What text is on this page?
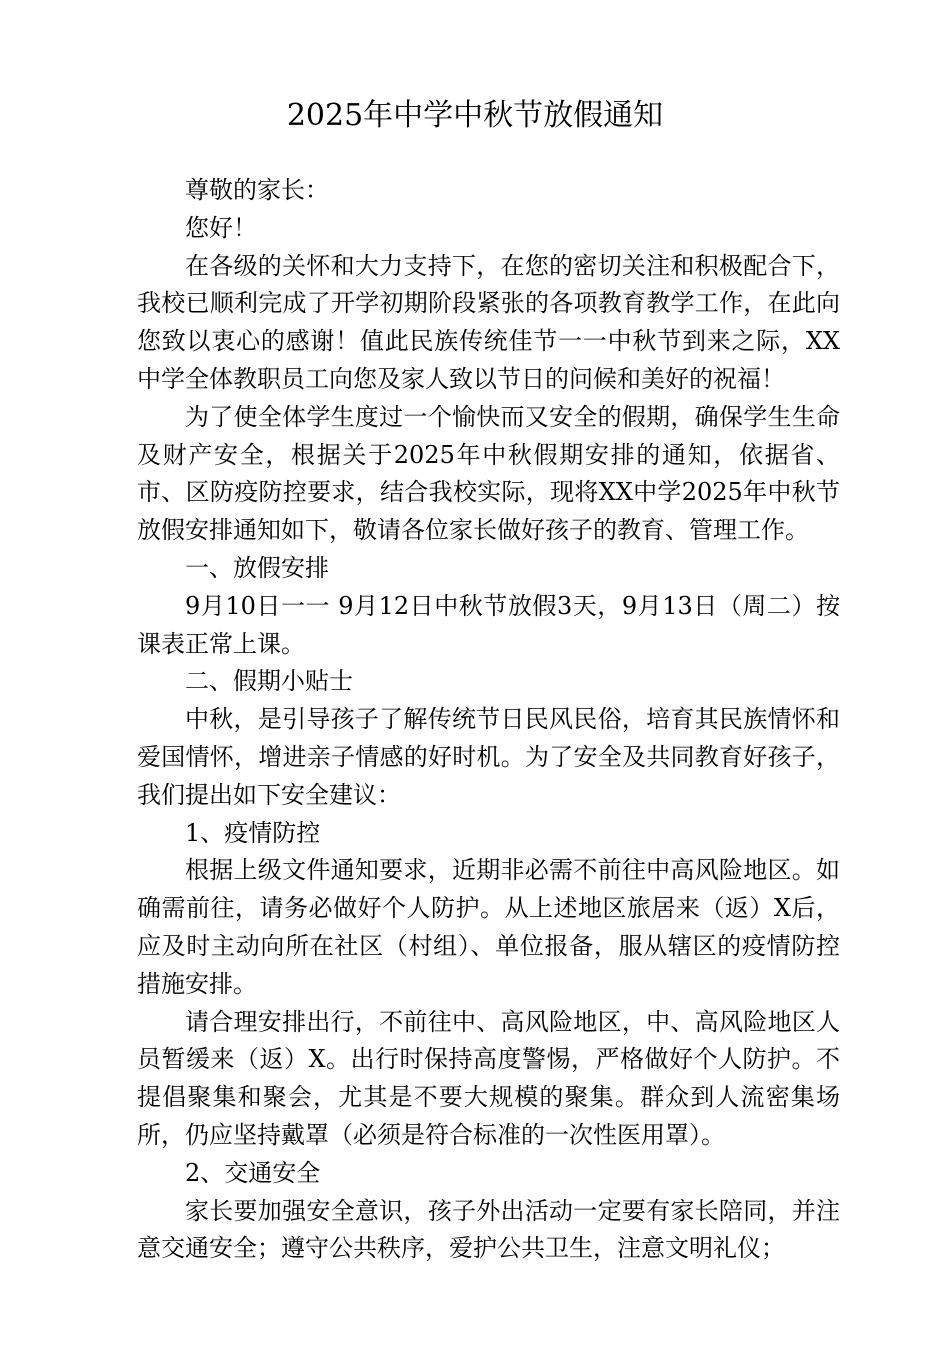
2025年中学中秋节放假通知

尊敬的家长：

您好！

在各级的关怀和大力支持下，在您的密切关注和积极配合下，我校已顺利完成了开学初期阶段紧张的各项教育教学工作，在此向您致以衷心的感谢！值此民族传统佳节一一中秋节到来之际，XX中学全体教职员工向您及家人致以节日的问候和美好的祝福！

为了使全体学生度过一个愉快而又安全的假期，确保学生生命及财产安全，根据关于2025年中秋假期安排的通知，依据省、市、区防疫防控要求，结合我校实际，现将XX中学2025年中秋节放假安排通知如下，敬请各位家长做好孩子的教育、管理工作。

一、放假安排

9月10日一一 9月12日中秋节放假3天，9月13日（周二）按课表正常上课。

二、假期小贴士

中秋，是引导孩子了解传统节日民风民俗，培育其民族情怀和爱国情怀，增进亲子情感的好时机。为了安全及共同教育好孩子，我们提出如下安全建议：

1、疫情防控

根据上级文件通知要求，近期非必需不前往中高风险地区。如确需前往，请务必做好个人防护。从上述地区旅居来（返）X后，应及时主动向所在社区（村组）、单位报备，服从辖区的疫情防控措施安排。

请合理安排出行，不前往中、高风险地区，中、高风险地区人员暂缓来（返）X。出行时保持高度警惕，严格做好个人防护。不提倡聚集和聚会，尤其是不要大规模的聚集。群众到人流密集场所，仍应坚持戴罩（必须是符合标准的一次性医用罩）。

2、交通安全

家长要加强安全意识，孩子外出活动一定要有家长陪同，并注意交通安全；遵守公共秩序，爱护公共卫生，注意文明礼仪；
